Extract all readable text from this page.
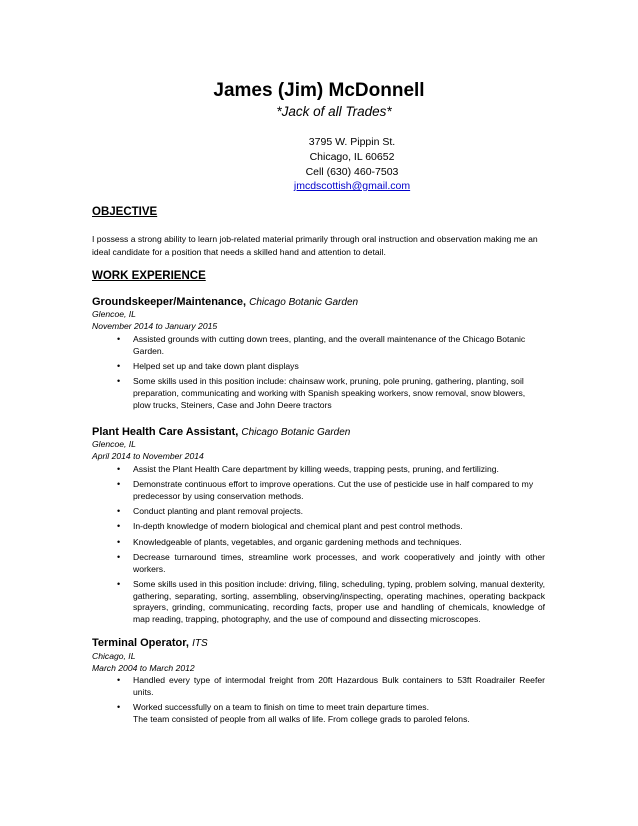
James (Jim) McDonnell
*Jack of all Trades*
3795 W. Pippin St.
Chicago, IL 60652
Cell (630) 460-7503
jmcdscottish@gmail.com
OBJECTIVE
I possess a strong ability to learn job-related material primarily through oral instruction and observation making me an ideal candidate for a position that needs a skilled hand and attention to detail.
WORK EXPERIENCE
Groundskeeper/Maintenance, Chicago Botanic Garden
Glencoe, IL
November 2014 to January 2015
• Assisted grounds with cutting down trees, planting, and the overall maintenance of the Chicago Botanic Garden.
• Helped set up and take down plant displays
• Some skills used in this position include: chainsaw work, pruning, pole pruning, gathering, planting, soil preparation, communicating and working with Spanish speaking workers, snow removal, snow blowers, plow trucks, Steiners, Case and John Deere tractors
Plant Health Care Assistant, Chicago Botanic Garden
Glencoe, IL
April 2014 to November 2014
• Assist the Plant Health Care department by killing weeds, trapping pests, pruning, and fertilizing.
• Demonstrate continuous effort to improve operations. Cut the use of pesticide use in half compared to my predecessor by using conservation methods.
• Conduct planting and plant removal projects.
• In-depth knowledge of modern biological and chemical plant and pest control methods.
• Knowledgeable of plants, vegetables, and organic gardening methods and techniques.
• Decrease turnaround times, streamline work processes, and work cooperatively and jointly with other workers.
• Some skills used in this position include: driving, filing, scheduling, typing, problem solving, manual dexterity, gathering, separating, sorting, assembling, observing/inspecting, operating machines, operating backpack sprayers, grinding, communicating, recording facts, proper use and handling of chemicals, knowledge of map reading, trapping, photography, and the use of compound and dissecting microscopes.
Terminal Operator, ITS
Chicago, IL
March 2004 to March 2012
• Handled every type of intermodal freight from 20ft Hazardous Bulk containers to 53ft Roadrailer Reefer units.
• Worked successfully on a team to finish on time to meet train departure times.
The team consisted of people from all walks of life. From college grads to paroled felons.
